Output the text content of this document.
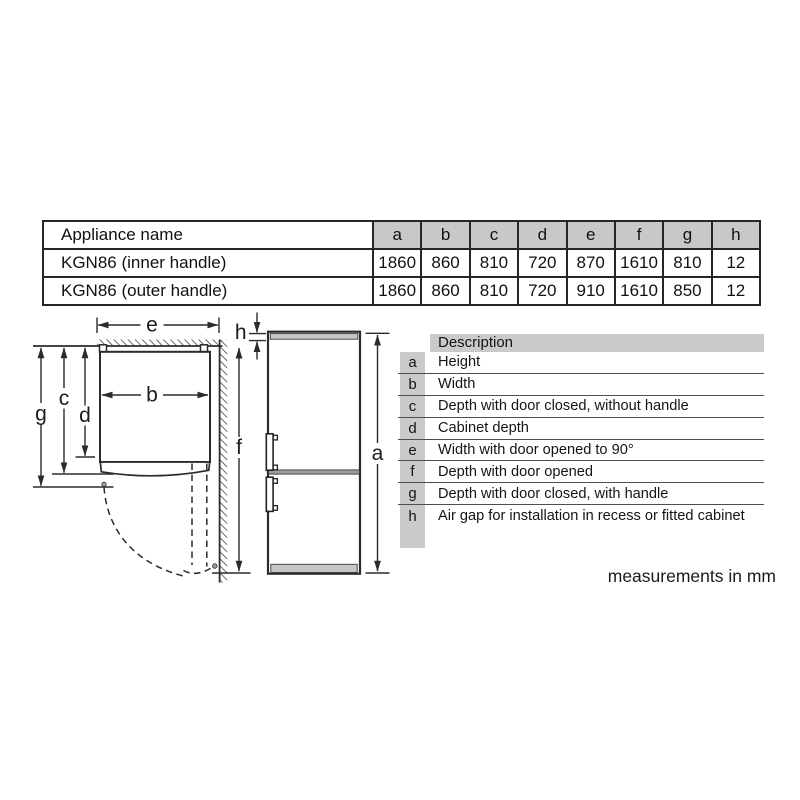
Appliance name	a	b	c	d	e	f	g	h
KGN86 (inner handle)	1860	860	810	720	870	1610	810	12
KGN86 (outer handle)	1860	860	810	720	910	1610	850	12
e	h
g
c
d
b
f	a
Description
a	Height
b	Width
c	Depth with door closed, without handle
d	Cabinet depth
e	Width with door opened to 90°
f	Depth with door opened
g	Depth with door closed, with handle
h	Air gap for installation in recess or fitted cabinet
measurements in mm
